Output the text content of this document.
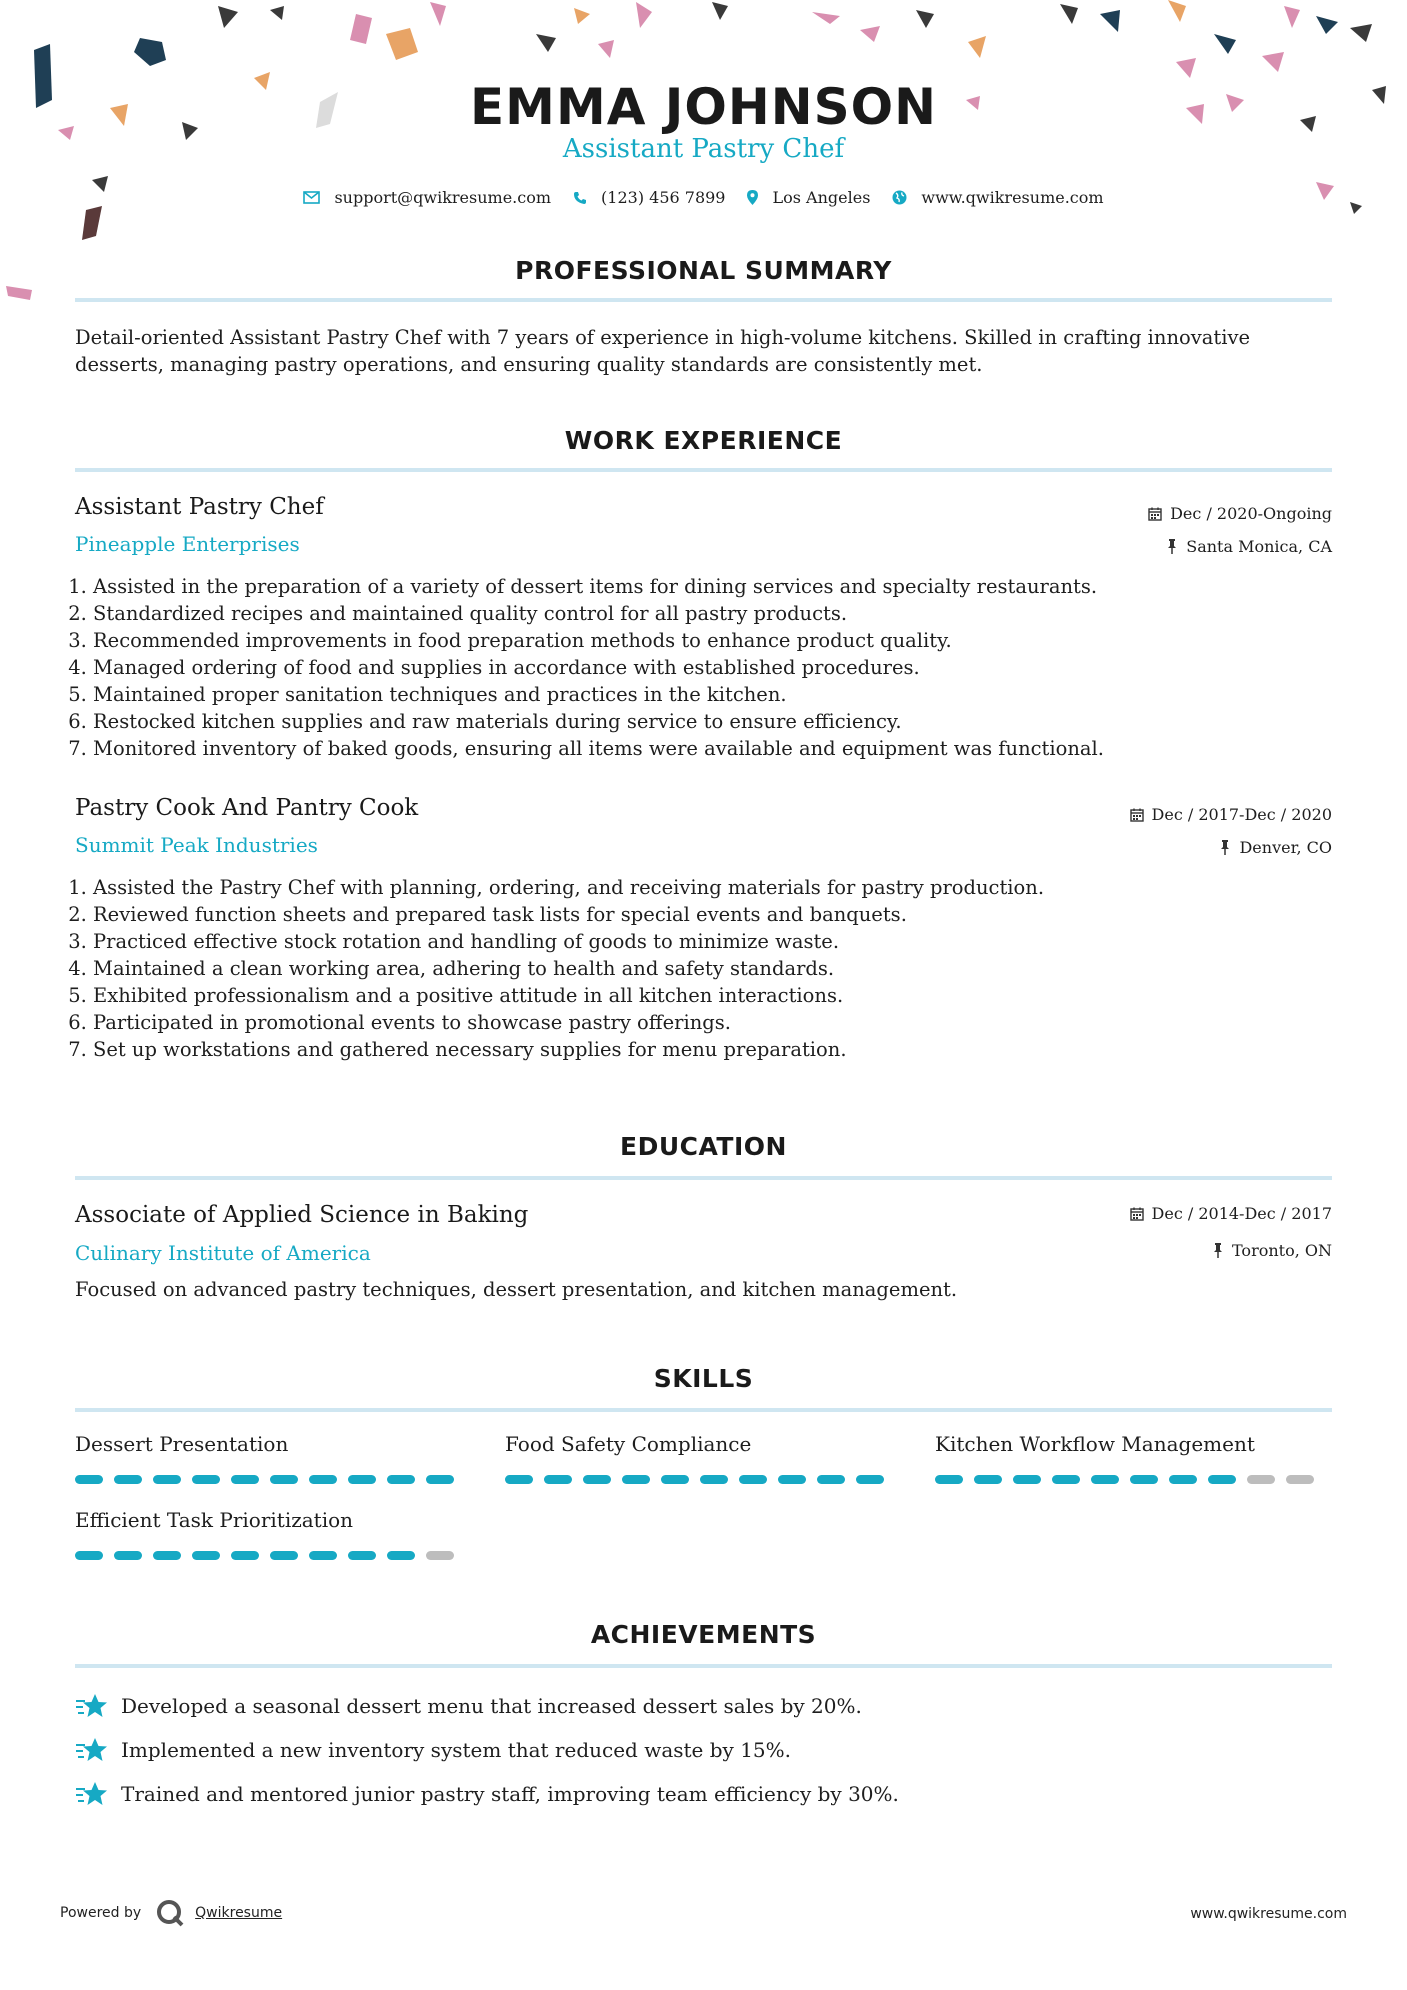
EMMA JOHNSON
Assistant Pastry Chef
support@qwikresume.com	(123) 456 7899	Los Angeles	www.qwikresume.com
PROFESSIONAL SUMMARY
Detail-oriented Assistant Pastry Chef with 7 years of experience in high-volume kitchens. Skilled in crafting innovative desserts, managing pastry operations, and ensuring quality standards are consistently met.
WORK EXPERIENCE
Assistant Pastry Chef
Pineapple Enterprises
Dec / 2020-Ongoing
Santa Monica, CA
1. Assisted in the preparation of a variety of dessert items for dining services and specialty restaurants.
2. Standardized recipes and maintained quality control for all pastry products.
3. Recommended improvements in food preparation methods to enhance product quality.
4. Managed ordering of food and supplies in accordance with established procedures.
5. Maintained proper sanitation techniques and practices in the kitchen.
6. Restocked kitchen supplies and raw materials during service to ensure efficiency.
7. Monitored inventory of baked goods, ensuring all items were available and equipment was functional.
Pastry Cook And Pantry Cook
Summit Peak Industries
Dec / 2017-Dec / 2020
Denver, CO
1. Assisted the Pastry Chef with planning, ordering, and receiving materials for pastry production.
2. Reviewed function sheets and prepared task lists for special events and banquets.
3. Practiced effective stock rotation and handling of goods to minimize waste.
4. Maintained a clean working area, adhering to health and safety standards.
5. Exhibited professionalism and a positive attitude in all kitchen interactions.
6. Participated in promotional events to showcase pastry offerings.
7. Set up workstations and gathered necessary supplies for menu preparation.
EDUCATION
Associate of Applied Science in Baking
Culinary Institute of America
Dec / 2014-Dec / 2017
Toronto, ON
Focused on advanced pastry techniques, dessert presentation, and kitchen management.
SKILLS
Dessert Presentation	Food Safety Compliance	Kitchen Workflow Management
Efficient Task Prioritization
ACHIEVEMENTS
Developed a seasonal dessert menu that increased dessert sales by 20%.
Implemented a new inventory system that reduced waste by 15%.
Trained and mentored junior pastry staff, improving team efficiency by 30%.
Powered by	Qwikresume	www.qwikresume.com
